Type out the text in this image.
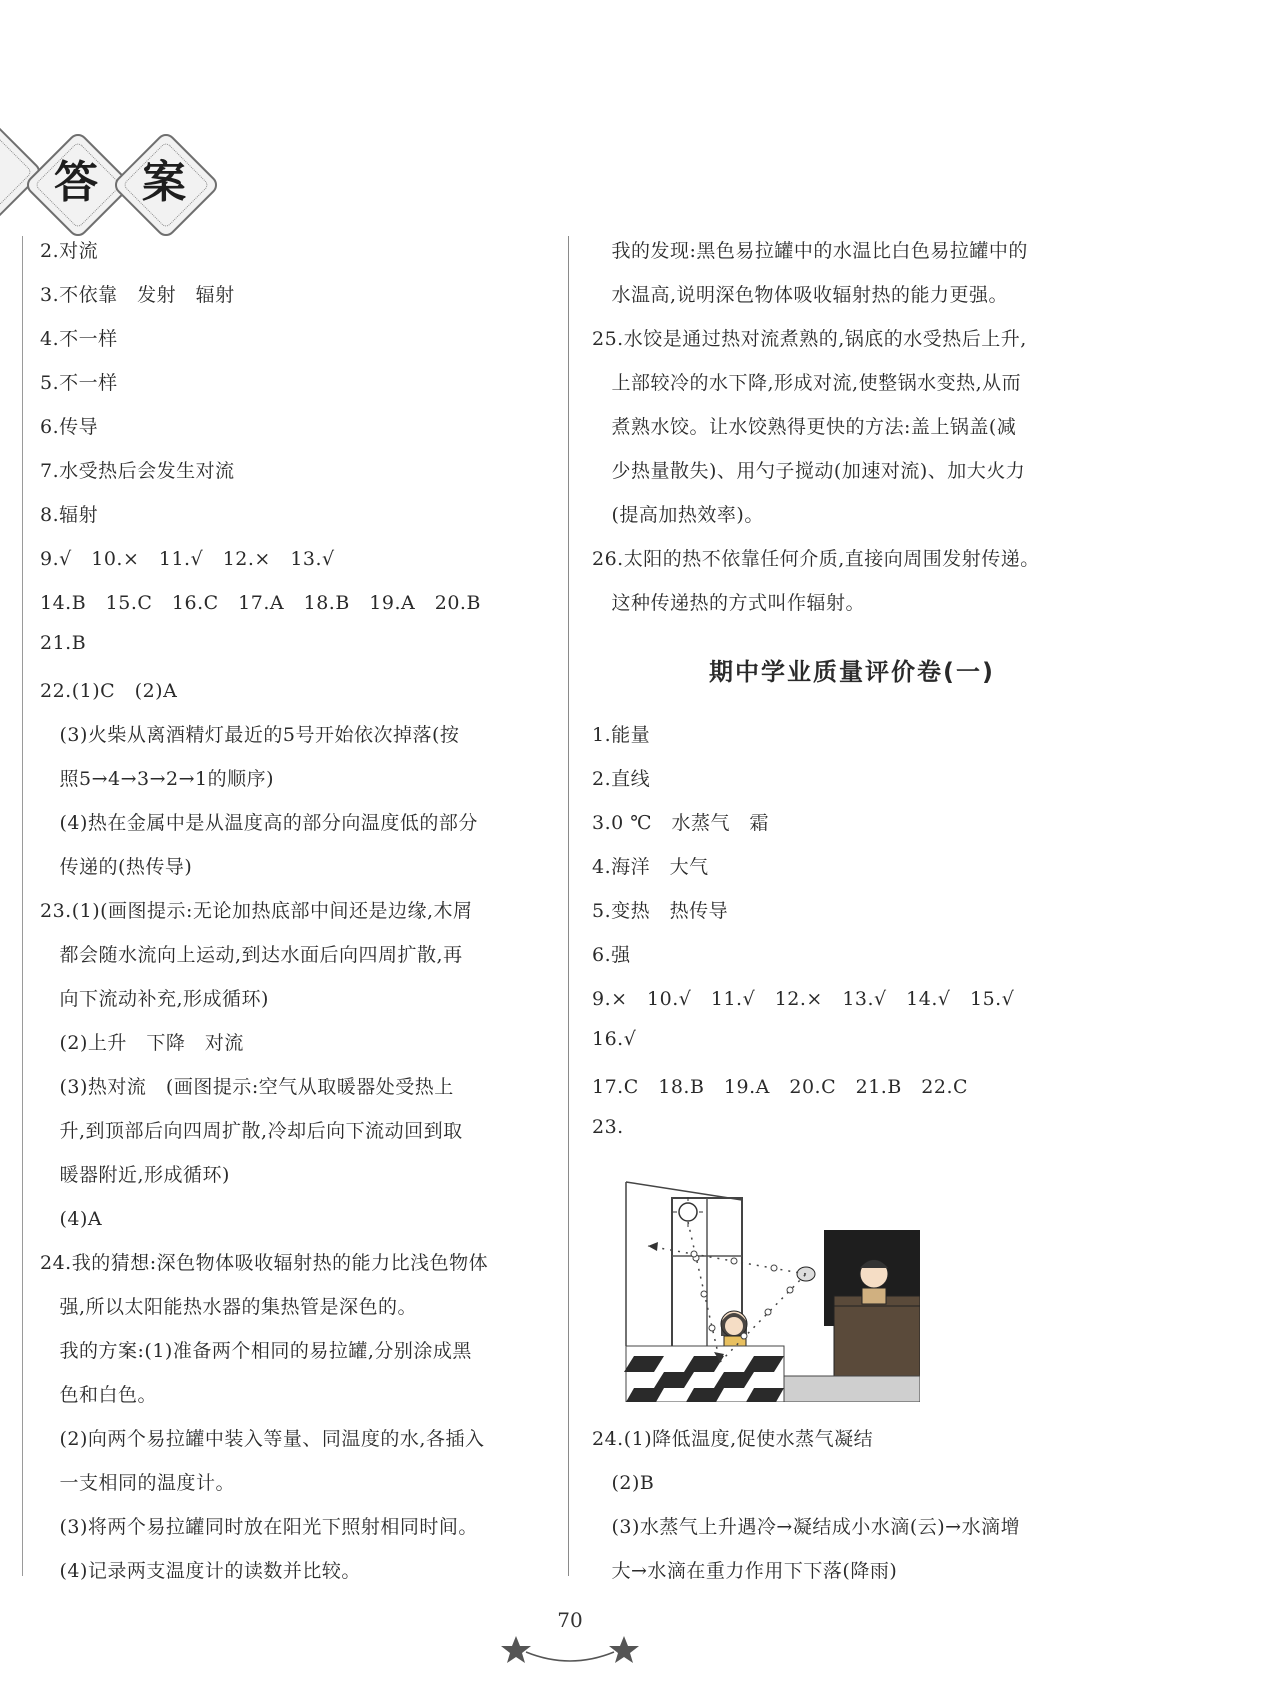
答	案
2.对流
3.不依靠　发射　辐射
4.不一样
5.不一样
6.传导
7.水受热后会发生对流
8.辐射
9.√　10.×　11.√　12.×　13.√
14.B　15.C　16.C　17.A　18.B　19.A　20.B
21.B
22.(1)C　(2)A
　(3)火柴从离酒精灯最近的5号开始依次掉落(按
　照5→4→3→2→1的顺序)
　(4)热在金属中是从温度高的部分向温度低的部分
　传递的(热传导)
23.(1)(画图提示:无论加热底部中间还是边缘,木屑
　都会随水流向上运动,到达水面后向四周扩散,再
　向下流动补充,形成循环)
　(2)上升　下降　对流
　(3)热对流　(画图提示:空气从取暖器处受热上
　升,到顶部后向四周扩散,冷却后向下流动回到取
　暖器附近,形成循环)
　(4)A
24.我的猜想:深色物体吸收辐射热的能力比浅色物体
　强,所以太阳能热水器的集热管是深色的。
　我的方案:(1)准备两个相同的易拉罐,分别涂成黑
　色和白色。
　(2)向两个易拉罐中装入等量、同温度的水,各插入
　一支相同的温度计。
　(3)将两个易拉罐同时放在阳光下照射相同时间。
　(4)记录两支温度计的读数并比较。
　我的发现:黑色易拉罐中的水温比白色易拉罐中的
　水温高,说明深色物体吸收辐射热的能力更强。
25.水饺是通过热对流煮熟的,锅底的水受热后上升,
　上部较冷的水下降,形成对流,使整锅水变热,从而
　煮熟水饺。让水饺熟得更快的方法:盖上锅盖(减
　少热量散失)、用勺子搅动(加速对流)、加大火力
　(提高加热效率)。
26.太阳的热不依靠任何介质,直接向周围发射传递。
　这种传递热的方式叫作辐射。
期中学业质量评价卷(一)
1.能量
2.直线
3.0 ℃　水蒸气　霜
4.海洋　大气
5.变热　热传导
6.强
9.×　10.√　11.√　12.×　13.√　14.√　15.√
16.√
17.C　18.B　19.A　20.C　21.B　22.C
23.
24.(1)降低温度,促使水蒸气凝结
　(2)B
　(3)水蒸气上升遇冷→凝结成小水滴(云)→水滴增
　大→水滴在重力作用下下落(降雨)
70
